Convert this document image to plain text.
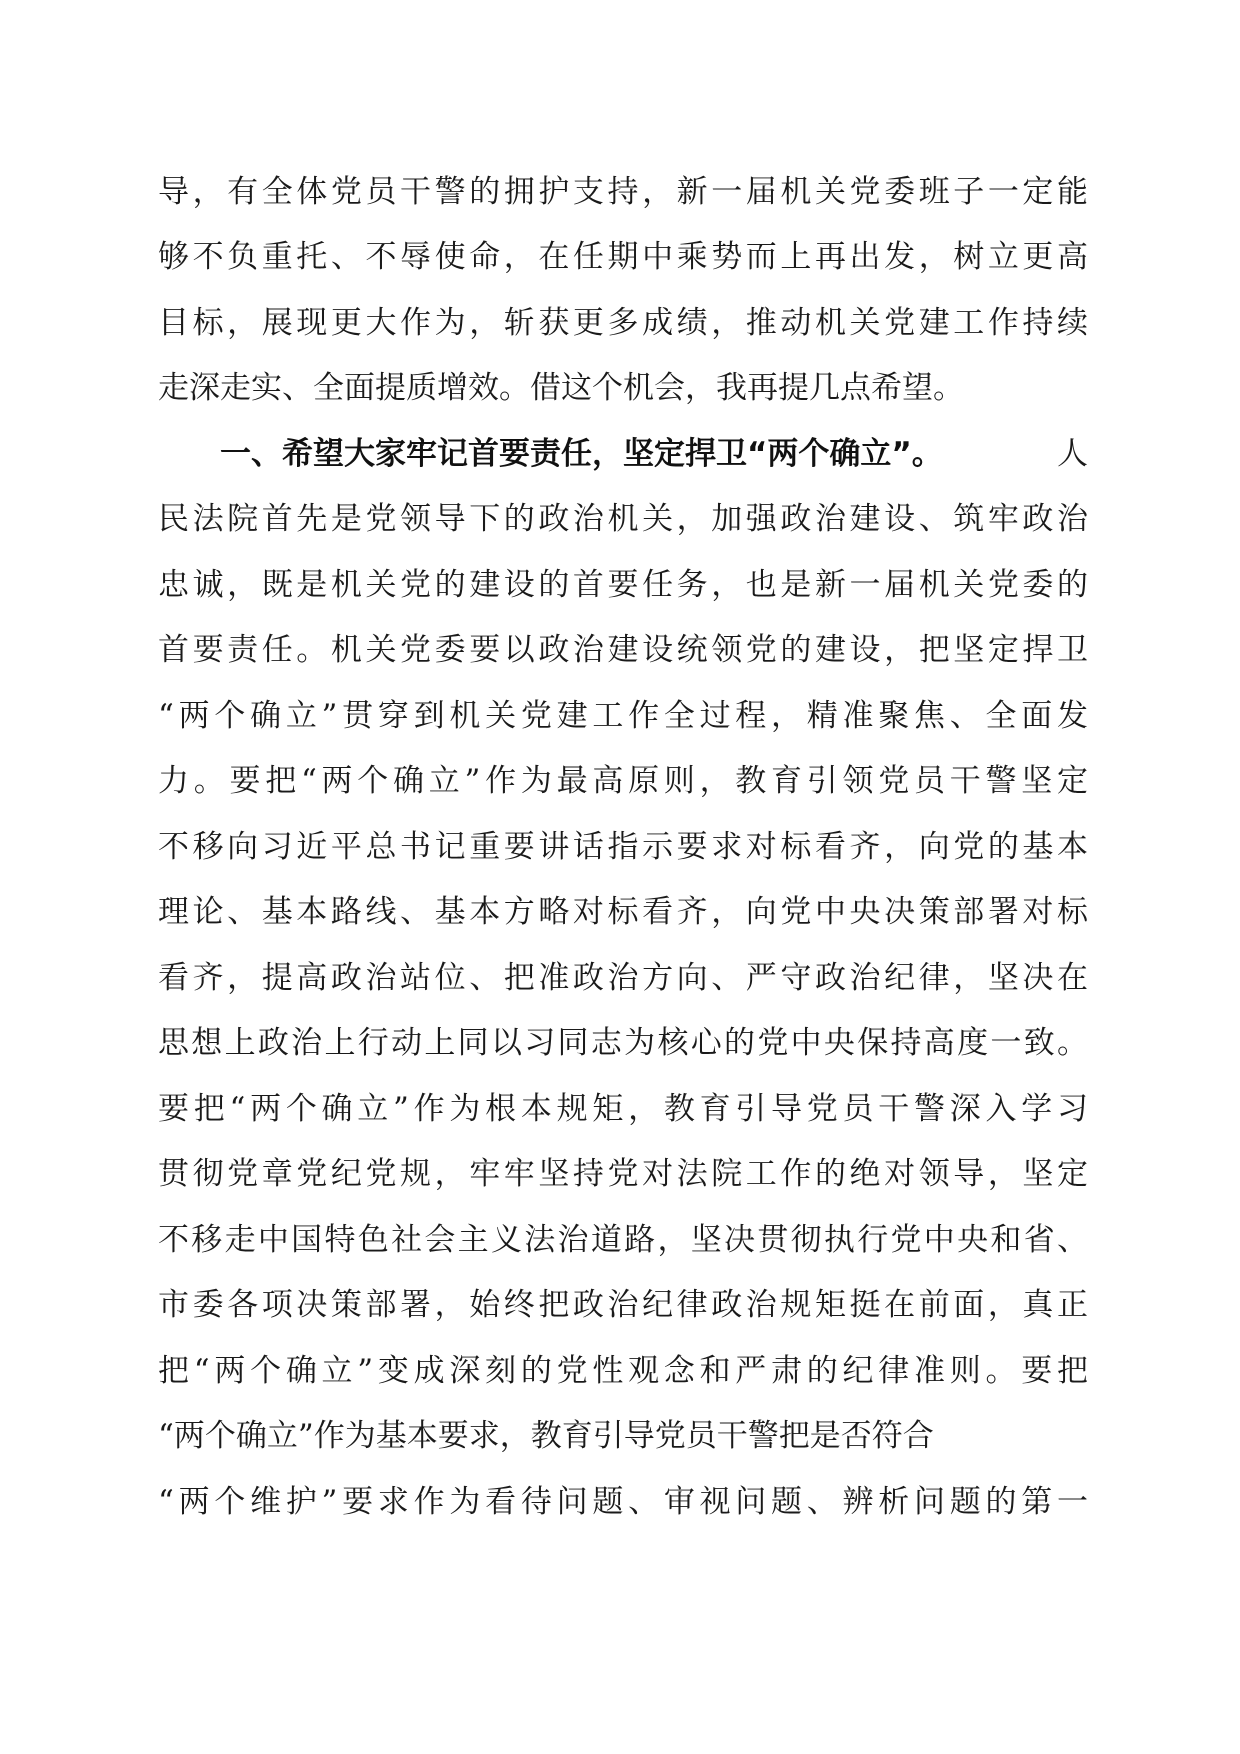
导，有全体党员干警的拥护支持，新一届机关党委班子一定能
够不负重托、不辱使命，在任期中乘势而上再出发，树立更高
目标，展现更大作为，斩获更多成绩，推动机关党建工作持续
走深走实、全面提质增效。借这个机会，我再提几点希望。
一、希望大家牢记首要责任，坚定捍卫“两个确立”。	人
民法院首先是党领导下的政治机关，加强政治建设、筑牢政治
忠诚，既是机关党的建设的首要任务，也是新一届机关党委的
首要责任。机关党委要以政治建设统领党的建设，把坚定捍卫
“两个确立”贯穿到机关党建工作全过程，精准聚焦、全面发
力。要把“两个确立”作为最高原则，教育引领党员干警坚定
不移向习近平总书记重要讲话指示要求对标看齐，向党的基本
理论、基本路线、基本方略对标看齐，向党中央决策部署对标
看齐，提高政治站位、把准政治方向、严守政治纪律，坚决在
思想上政治上行动上同以习同志为核心的党中央保持高度一致。
要把“两个确立”作为根本规矩，教育引导党员干警深入学习
贯彻党章党纪党规，牢牢坚持党对法院工作的绝对领导，坚定
不移走中国特色社会主义法治道路，坚决贯彻执行党中央和省、
市委各项决策部署，始终把政治纪律政治规矩挺在前面，真正
把“两个确立”变成深刻的党性观念和严肃的纪律准则。要把
“两个确立”作为基本要求，教育引导党员干警把是否符合
“两个维护”要求作为看待问题、审视问题、辨析问题的第一
